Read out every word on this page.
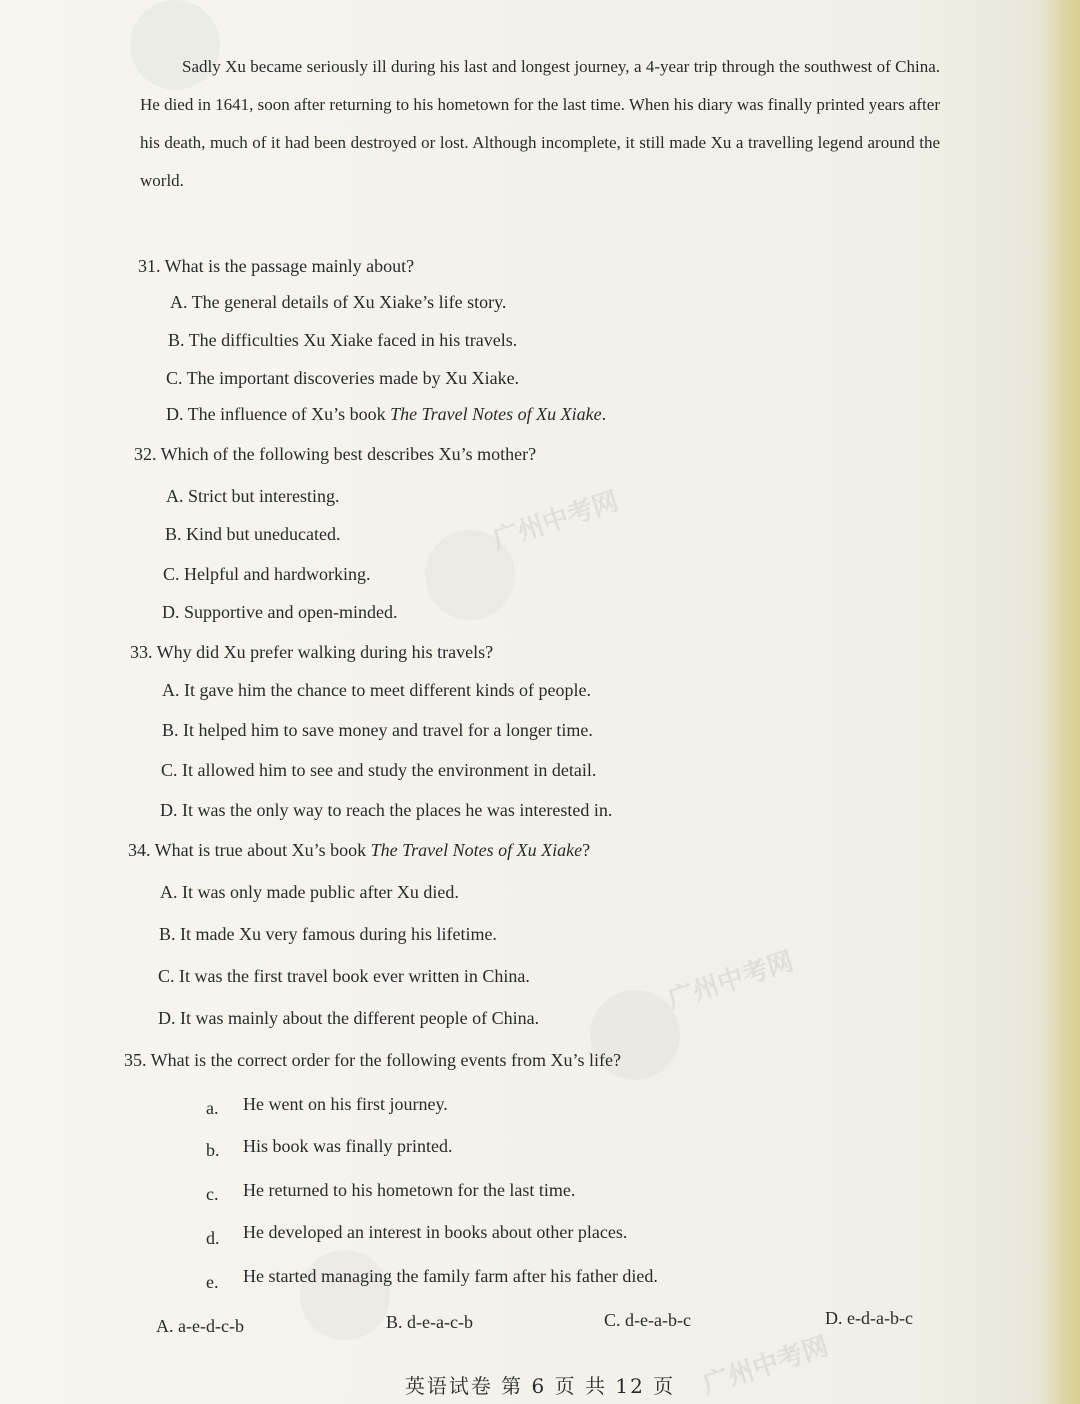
广州中考网
广州中考网
广州中考网

Sadly Xu became seriously ill during his last and longest journey, a 4-year trip through the southwest of China. He died in 1641, soon after returning to his hometown for the last time. When his diary was finally printed years after his death, much of it had been destroyed or lost. Although incomplete, it still made Xu a travelling legend around the world.

31. What is the passage mainly about?
A. The general details of Xu Xiake’s life story.
B. The difficulties Xu Xiake faced in his travels.
C. The important discoveries made by Xu Xiake.
D. The influence of Xu’s book The Travel Notes of Xu Xiake.
32. Which of the following best describes Xu’s mother?
A. Strict but interesting.
B. Kind but uneducated.
C. Helpful and hardworking.
D. Supportive and open-minded.
33. Why did Xu prefer walking during his travels?
A. It gave him the chance to meet different kinds of people.
B. It helped him to save money and travel for a longer time.
C. It allowed him to see and study the environment in detail.
D. It was the only way to reach the places he was interested in.
34. What is true about Xu’s book The Travel Notes of Xu Xiake?
A. It was only made public after Xu died.
B. It made Xu very famous during his lifetime.
C. It was the first travel book ever written in China.
D. It was mainly about the different people of China.
35. What is the correct order for the following events from Xu’s life?
a. He went on his first journey.
b. His book was finally printed.
c. He returned to his hometown for the last time.
d. He developed an interest in books about other places.
e. He started managing the family farm after his father died.
A. a-e-d-c-b	B. d-e-a-c-b	C. d-e-a-b-c	D. e-d-a-b-c
英语试卷 第 6 页 共 12 页
